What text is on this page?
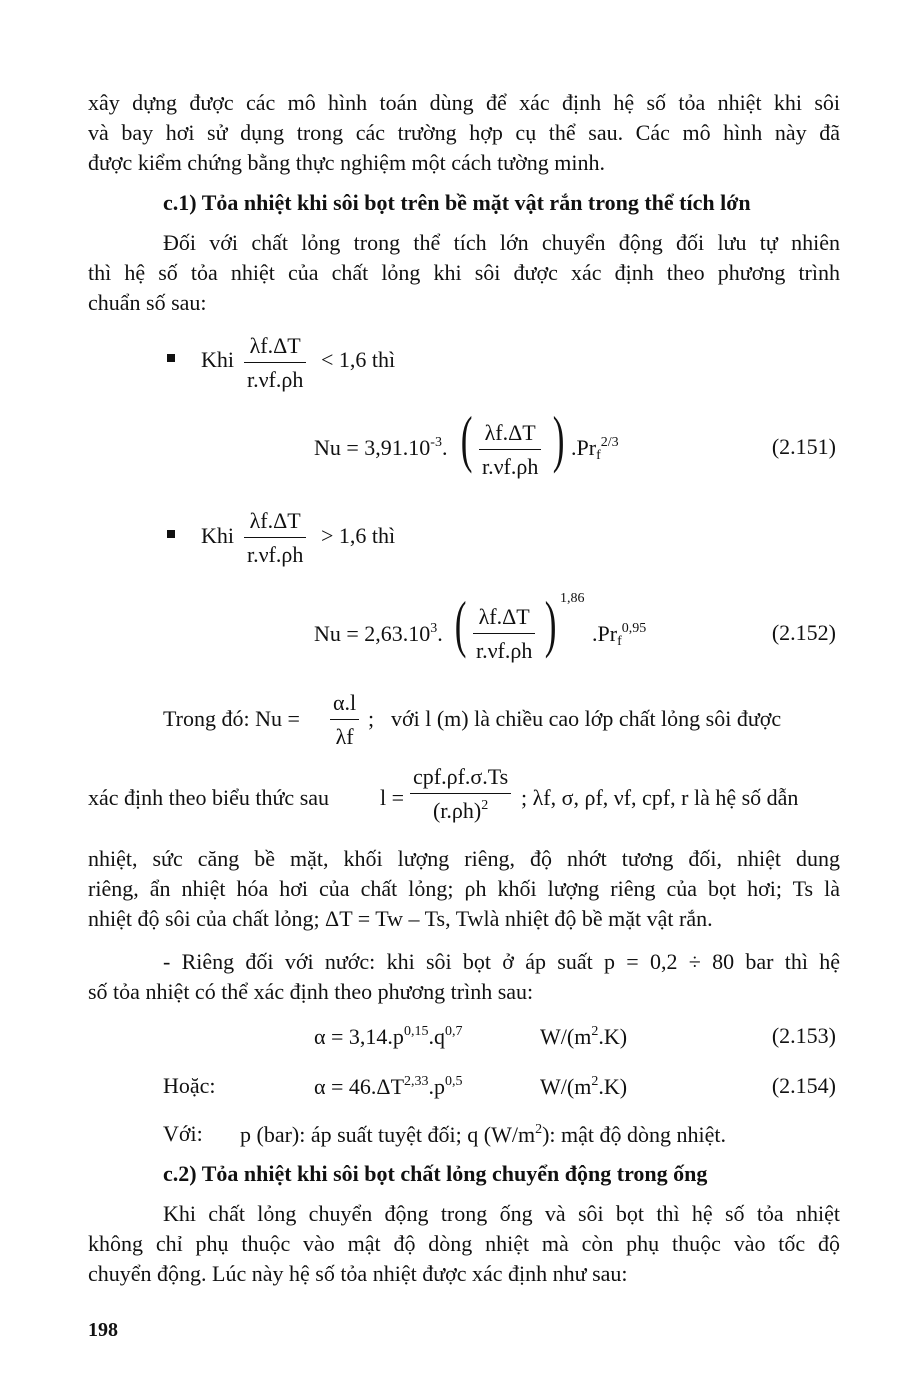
xây dựng được các mô hình toán dùng để xác định hệ số tỏa nhiệt khi sôi
và bay hơi sử dụng trong các trường hợp cụ thể sau. Các mô hình này đã
được kiểm chứng bằng thực nghiệm một cách tường minh.
c.1) Tỏa nhiệt khi sôi bọt trên bề mặt vật rắn trong thể tích lớn
Đối với chất lỏng trong thể tích lớn chuyển động đối lưu tự nhiên
thì hệ số tỏa nhiệt của chất lỏng khi sôi được xác định theo phương trình
chuẩn số sau:
Khi $\frac{\lambda f.\Delta T}{r.\nu f.\rho h} < 1,6$ thì
$Nu = 3,91.10^{-3}$. ( $\frac{\lambda f.\Delta T}{r.\nu f.\rho h}$ ) $.Pr_f^{2/3}$	(2.151)
Khi $\frac{\lambda f.\Delta T}{r.\nu f.\rho h} > 1,6$ thì
$Nu = 2,63.10^3$. ( $\frac{\lambda f.\Delta T}{r.\nu f.\rho h}$ ) 1,86
$.Pr_f^{0,95}$	(2.152)
Trong đó: $Nu = \frac{\alpha.l}{\lambda f}$ ; với l (m) là chiều cao lớp chất lỏng sôi được
xác định theo biểu thức sau l =
cpf.ρf.σ.Ts
$(r.\rho h)^2$	; λf, σ, ρf, νf, cpf, r là hệ số dẫn
nhiệt, sức căng bề mặt, khối lượng riêng, độ nhớt tương đối, nhiệt dung
riêng, ẩn nhiệt hóa hơi của chất lỏng; ρh khối lượng riêng của bọt hơi; Ts là
nhiệt độ sôi của chất lỏng; ΔT = Tw – Ts, Twlà nhiệt độ bề mặt vật rắn.
- Riêng đối với nước: khi sôi bọt ở áp suất p = 0,2 ÷ 80 bar thì hệ
số tỏa nhiệt có thể xác định theo phương trình sau:
$\alpha = 3,14.p^{0,15}.q^{0,7}$	$W/(m^2.K)$	(2.153)
Hoặc:	$\alpha = 46.\Delta T^{2,33}.p^{0,5}$	$W/(m^2.K)$	(2.154)
Với: p (bar): áp suất tuyệt đối; q $(W/m^2)$: mật độ dòng nhiệt.
c.2) Tỏa nhiệt khi sôi bọt chất lỏng chuyển động trong ống
Khi chất lỏng chuyển động trong ống và sôi bọt thì hệ số tỏa nhiệt
không chỉ phụ thuộc vào mật độ dòng nhiệt mà còn phụ thuộc vào tốc độ
chuyển động. Lúc này hệ số tỏa nhiệt được xác định như sau:
198
